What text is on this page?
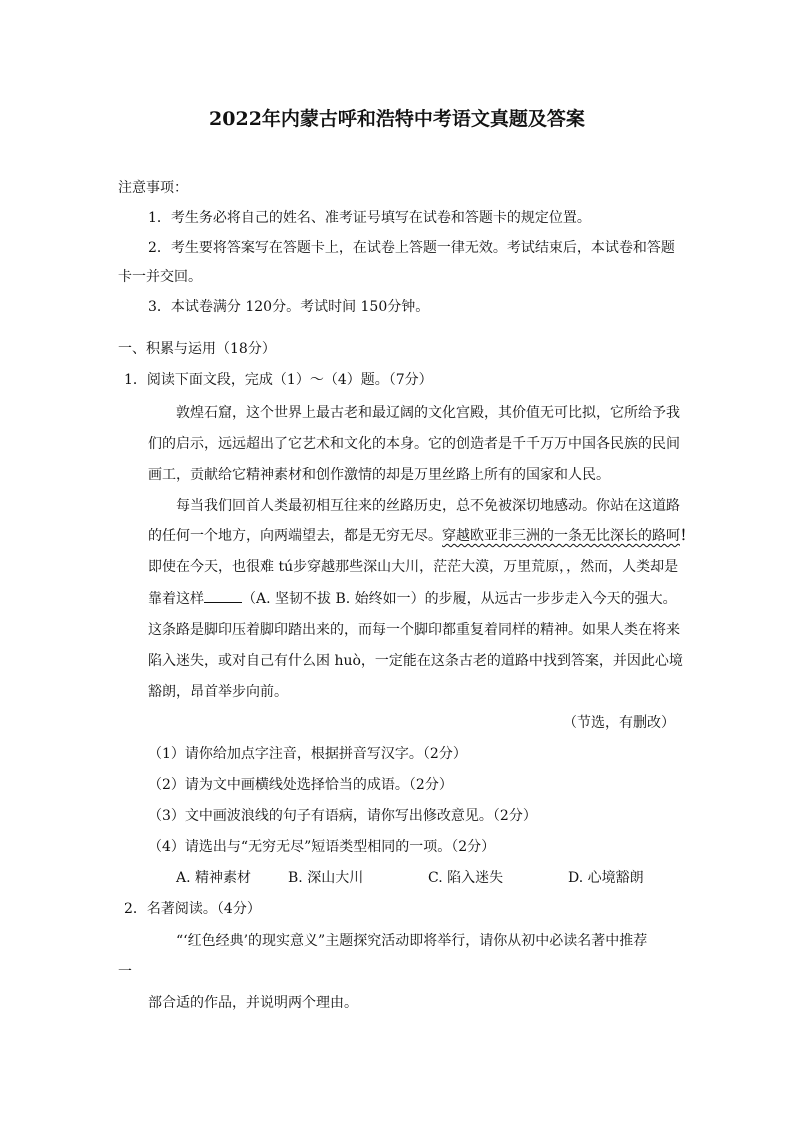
2022年内蒙古呼和浩特中考语文真题及答案
注意事项：
1．考生务必将自己的姓名、准考证号填写在试卷和答题卡的规定位置。
2．考生要将答案写在答题卡上，在试卷上答题一律无效。考试结束后，本试卷和答题
卡一并交回。
3．本试卷满分 120分。考试时间 150分钟。
一、积累与运用（18分）
1．阅读下面文段，完成（1）～（4）题。（7分）
敦煌石窟，这个世界上最古老和最辽阔的文化宫殿，其价值无可比拟，它所给予我
们的启示，远远超出了它艺术和文化的本身。它的创造者是千千万万中国各民族的民间
画工，贡献给它精神素材和创作激情的却是万里丝路上所有的国家和人民。
每当我们回首人类最初相互往来的丝路历史，总不免被深切地感动。你站在这道路
的任何一个地方，向两端望去，都是无穷无尽。穿越欧亚非三洲的一条无比深长的路呵！
即使在今天，也很难 tú步穿越那些深山大川，茫茫大漠，万里荒原，，然而，人类却是
靠着这样	（A. 坚韧不拔 B. 始终如一）的步履，从远古一步步走入今天的强大。
这条路是脚印压着脚印踏出来的，而每一个脚印都重复着同样的精神。如果人类在将来
陷入迷失，或对自己有什么困 huò，一定能在这条古老的道路中找到答案，并因此心境
豁朗，昂首举步向前。
（节选，有删改）
（1）请你给加点字注音，根据拼音写汉字。（2分）
（2）请为文中画横线处选择恰当的成语。（2分）
（3）文中画波浪线的句子有语病，请你写出修改意见。（2分）
（4）请选出与“无穷无尽”短语类型相同的一项。（2分）
A. 精神素材	B. 深山大川	C. 陷入迷失	D. 心境豁朗
2．名著阅读。（4分）
“‘红色经典’的现实意义”主题探究活动即将举行，请你从初中必读名著中推荐
一
部合适的作品，并说明两个理由。
